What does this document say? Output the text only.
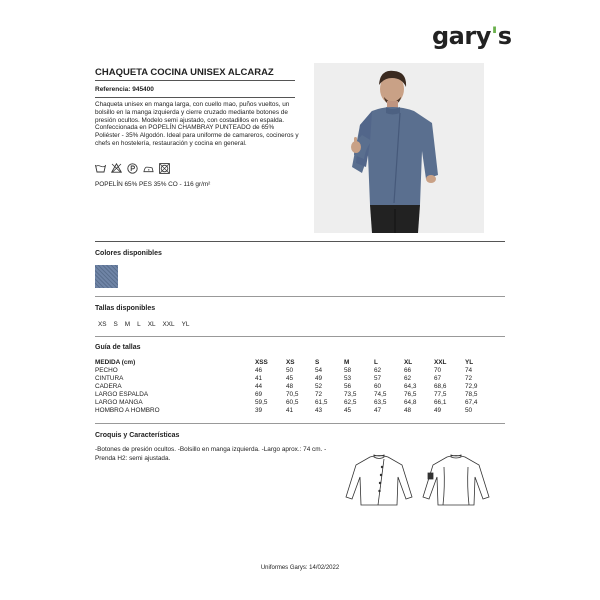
gary's
CHAQUETA COCINA UNISEX ALCARAZ
Referencia: 945400
Chaqueta unisex en manga larga, con cuello mao, puños vueltos, un bolsillo en la manga izquierda y cierre cruzado mediante botones de presión ocultos. Modelo semi ajustado, con costadillos en espalda. Confeccionada en POPELÍN CHAMBRAY PUNTEADO de 65% Poliéster - 35% Algodón. Ideal para uniforme de camareros, cocineros y chefs en hostelería, restauración y cocina en general.
POPELÍN 65% PES 35% CO - 116 gr/m²
Colores disponibles
Tallas disponibles
XS S M L XL XXL YL
Guía de tallas
MEDIDA (cm)	XSS	XS	S	M	L	XL	XXL	YL
PECHO	46	50	54	58	62	66	70	74
CINTURA	41	45	49	53	57	62	67	72
CADERA	44	48	52	56	60	64,3	68,6	72,9
LARGO ESPALDA	69	70,5	72	73,5	74,5	76,5	77,5	78,5
LARGO MANGA	59,5	60,5	61,5	62,5	63,5	64,8	66,1	67,4
HOMBRO A HOMBRO	39	41	43	45	47	48	49	50
Croquis y Características
-Botones de presión ocultos. -Bolsillo en manga izquierda. -Largo aprox.: 74 cm. -Prenda H2: semi ajustada.
Uniformes Garys: 14/02/2022
